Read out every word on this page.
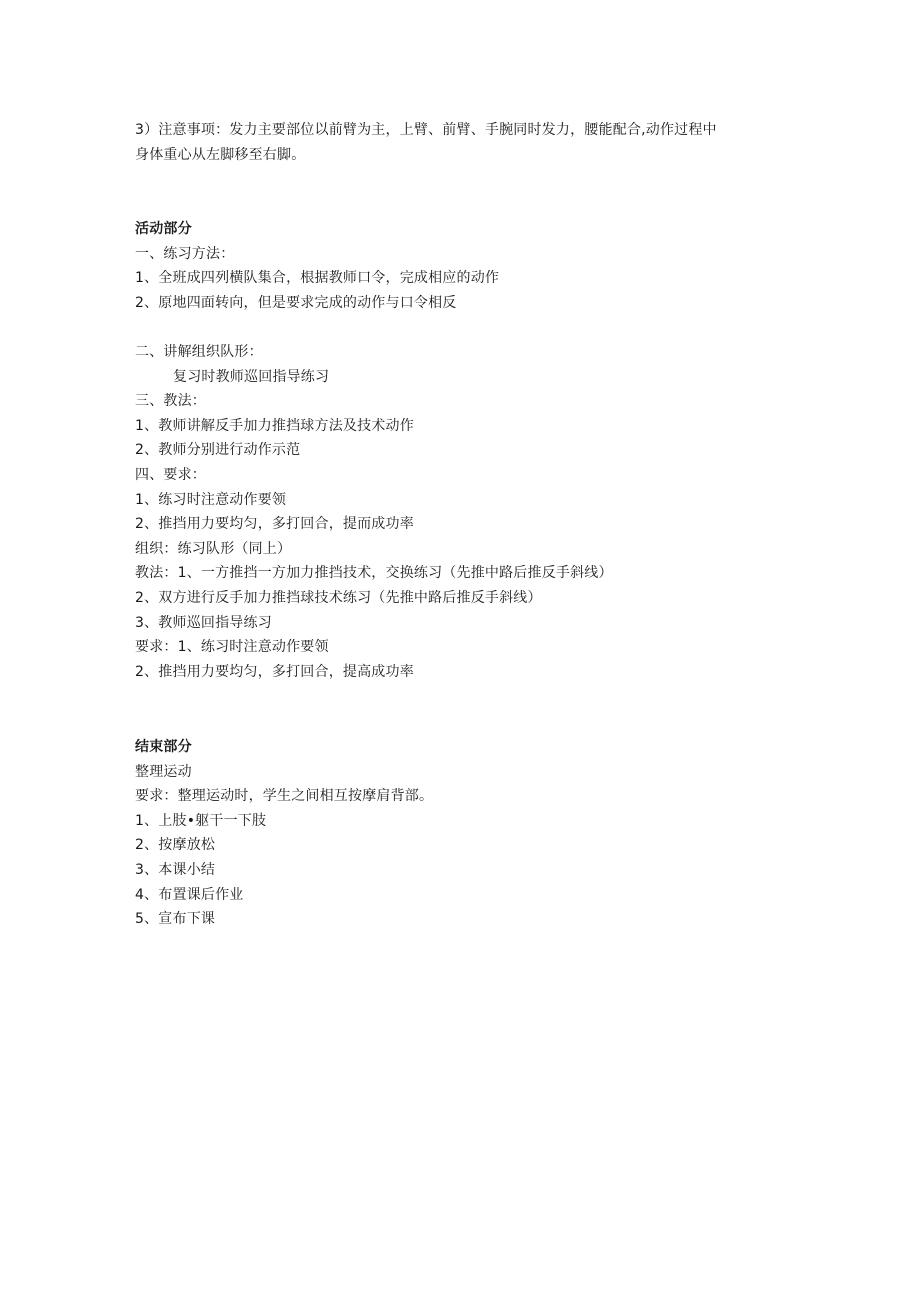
3）注意事项：发力主要部位以前臂为主，上臂、前臂、手腕同时发力，腰能配合,动作过程中
身体重心从左脚移至右脚。
活动部分
一、练习方法：
1、全班成四列横队集合，根据教师口令，完成相应的动作
2、原地四面转向，但是要求完成的动作与口令相反
二、讲解组织队形：
复习时教师巡回指导练习
三、教法：
1、教师讲解反手加力推挡球方法及技术动作
2、教师分别进行动作示范
四、要求：
1、练习时注意动作要领
2、推挡用力要均匀，多打回合，提而成功率
组织：练习队形（同上）
教法：1、一方推挡一方加力推挡技术，交换练习（先推中路后推反手斜线）
2、双方进行反手加力推挡球技术练习（先推中路后推反手斜线）
3、教师巡回指导练习
要求：1、练习时注意动作要领
2、推挡用力要均匀，多打回合，提高成功率
结束部分
整理运动
要求：整理运动时，学生之间相互按摩肩背部。
1、上肢•躯干一下肢
2、按摩放松
3、本课小结
4、布置课后作业
5、宣布下课
